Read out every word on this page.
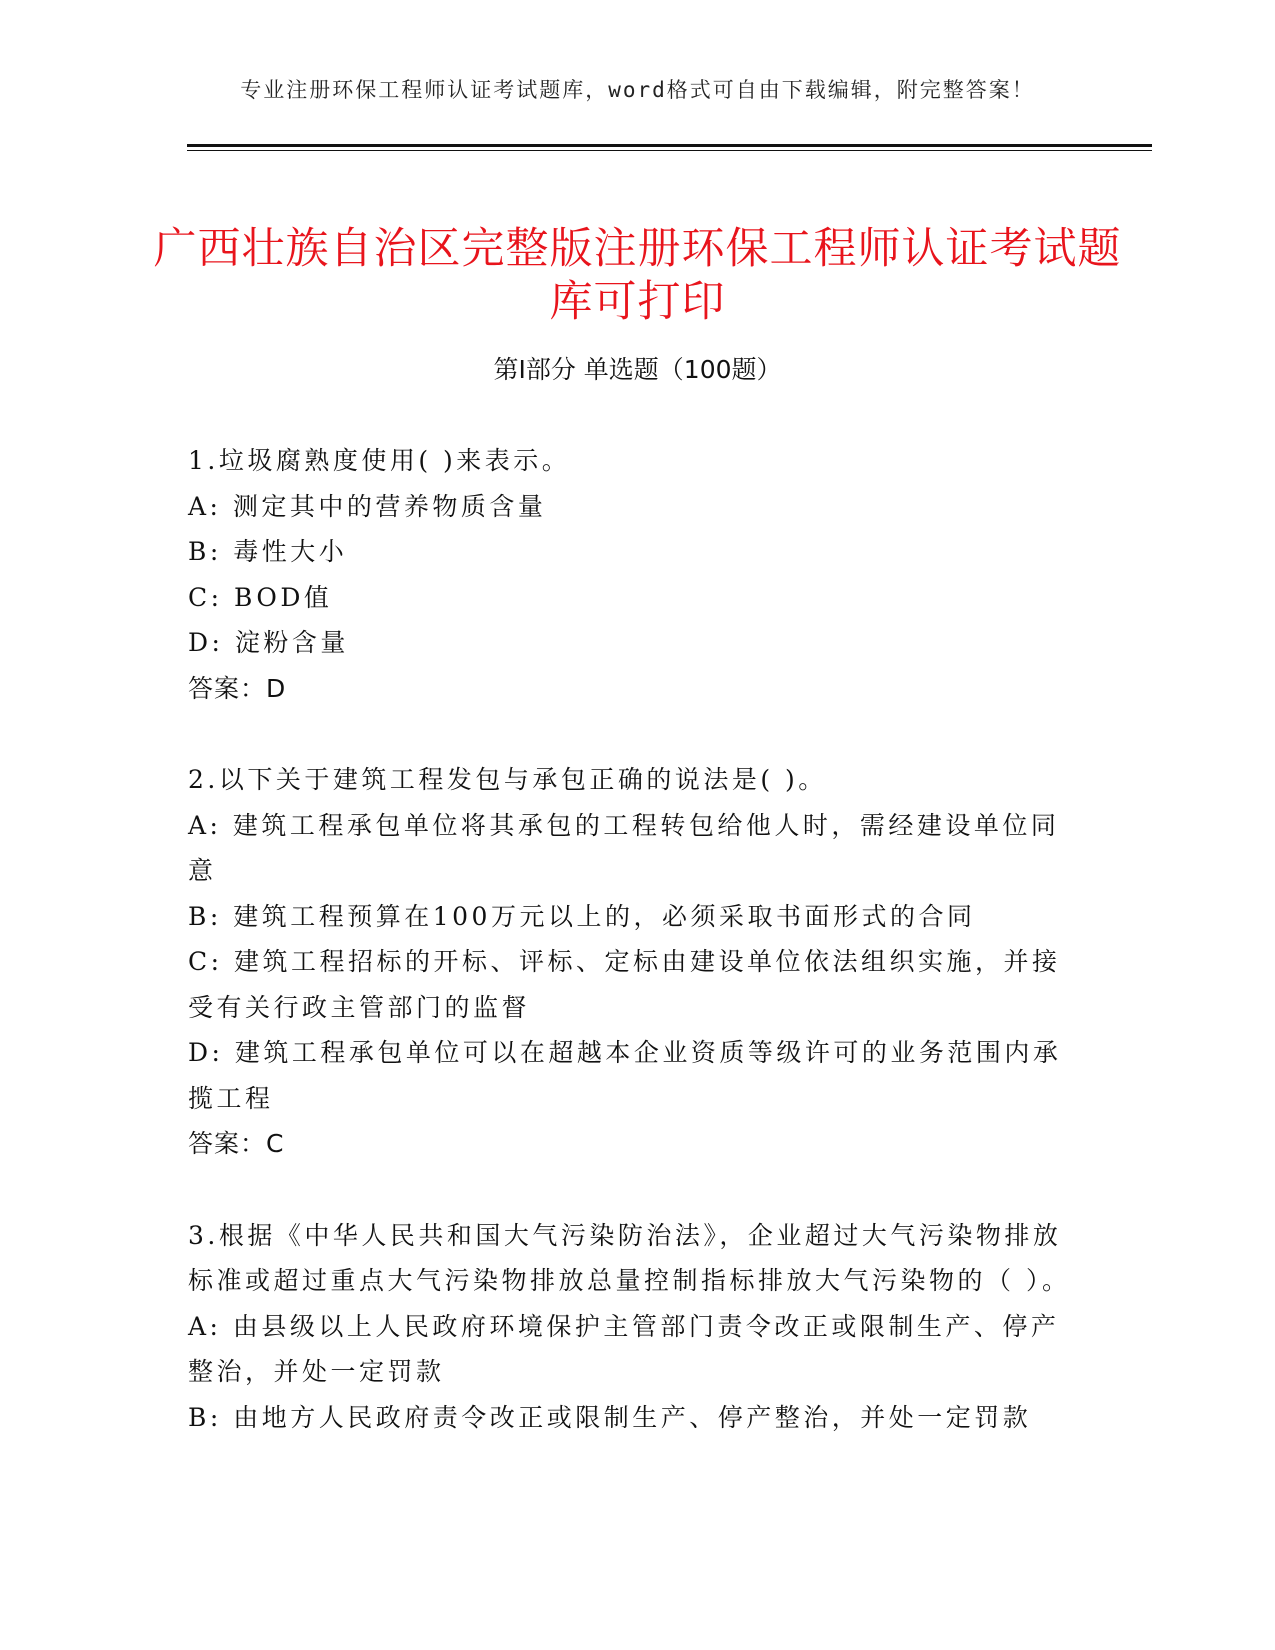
专业注册环保工程师认证考试题库，word格式可自由下载编辑，附完整答案！
广西壮族自治区完整版注册环保工程师认证考试题库可打印
第Ⅰ部分 单选题（100题）
1.垃圾腐熟度使用( )来表示。
A: 测定其中的营养物质含量
B: 毒性大小
C: BOD值
D: 淀粉含量
答案：D
2.以下关于建筑工程发包与承包正确的说法是( )。
A: 建筑工程承包单位将其承包的工程转包给他人时，需经建设单位同意
B: 建筑工程预算在100万元以上的，必须采取书面形式的合同
C: 建筑工程招标的开标、评标、定标由建设单位依法组织实施，并接受有关行政主管部门的监督
D: 建筑工程承包单位可以在超越本企业资质等级许可的业务范围内承揽工程
答案：C
3.根据《中华人民共和国大气污染防治法》，企业超过大气污染物排放标准或超过重点大气污染物排放总量控制指标排放大气污染物的（ ）。
A: 由县级以上人民政府环境保护主管部门责令改正或限制生产、停产整治，并处一定罚款
B: 由地方人民政府责令改正或限制生产、停产整治，并处一定罚款
